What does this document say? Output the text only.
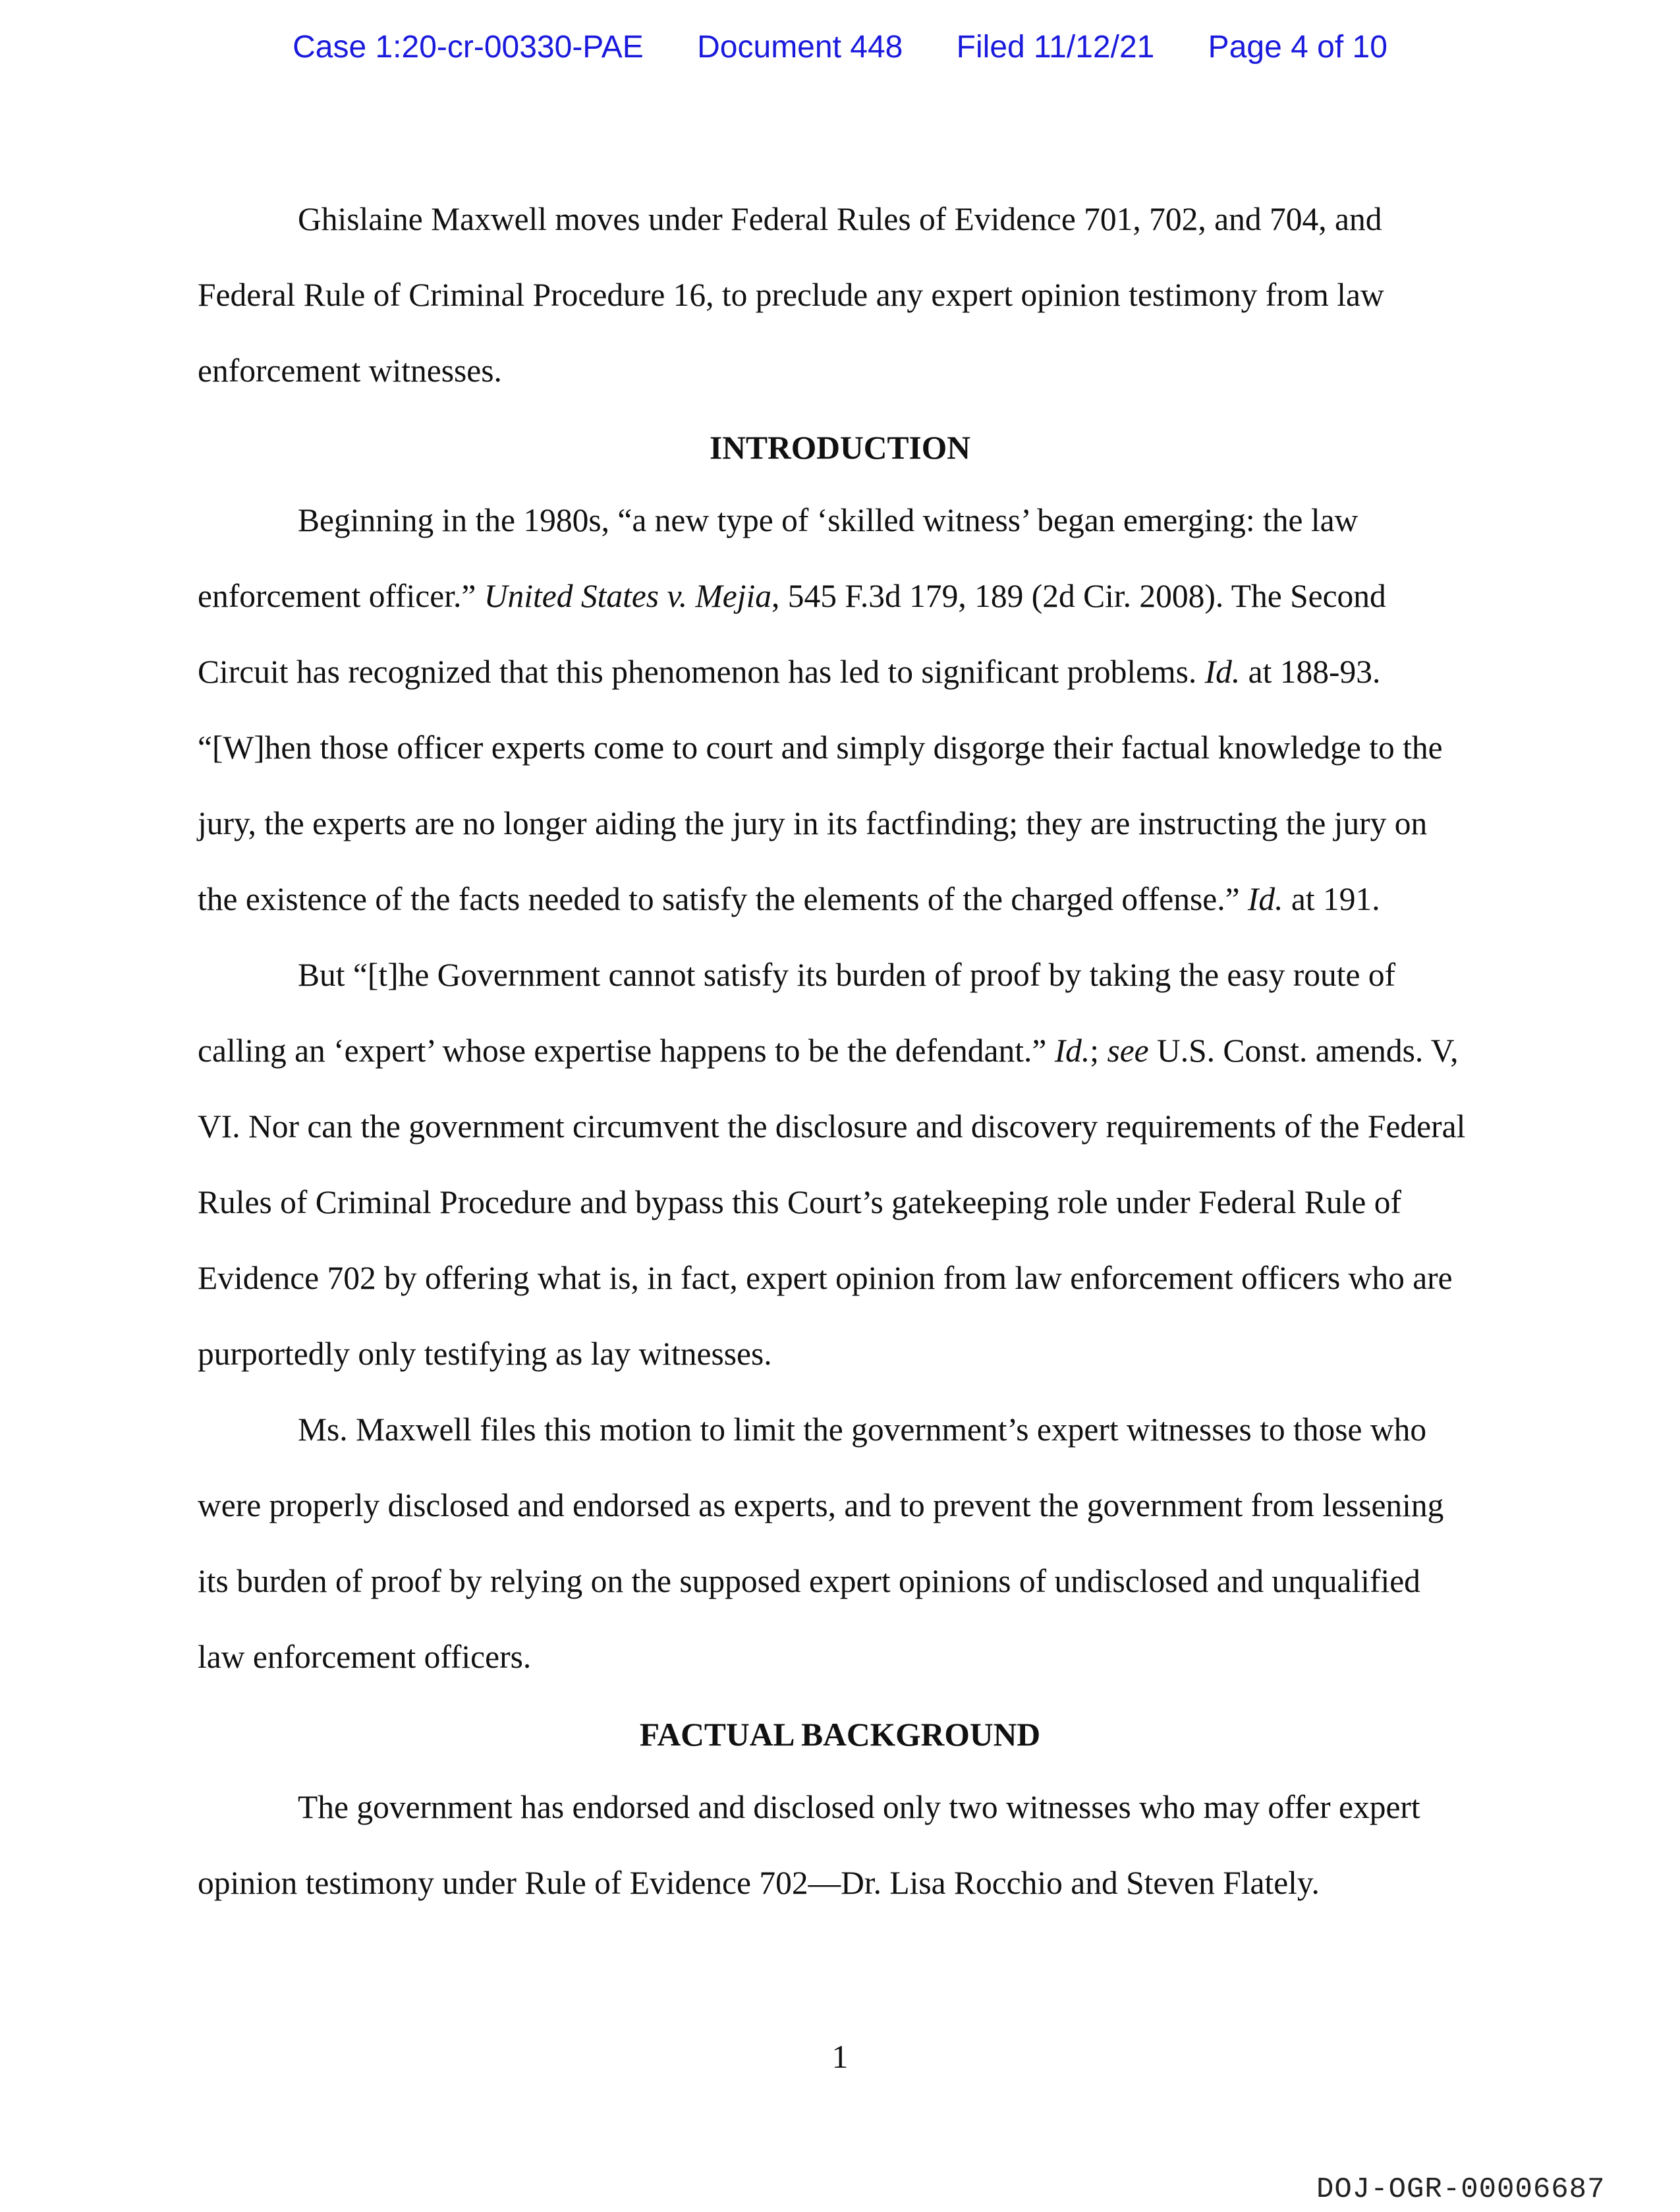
Case 1:20-cr-00330-PAE Document 448 Filed 11/12/21 Page 4 of 10

Ghislaine Maxwell moves under Federal Rules of Evidence 701, 702, and 704, and
Federal Rule of Criminal Procedure 16, to preclude any expert opinion testimony from law
enforcement witnesses.

INTRODUCTION

Beginning in the 1980s, “a new type of ‘skilled witness’ began emerging: the law
enforcement officer.” United States v. Mejia, 545 F.3d 179, 189 (2d Cir. 2008). The Second
Circuit has recognized that this phenomenon has led to significant problems. Id. at 188-93.
“[W]hen those officer experts come to court and simply disgorge their factual knowledge to the
jury, the experts are no longer aiding the jury in its factfinding; they are instructing the jury on
the existence of the facts needed to satisfy the elements of the charged offense.” Id. at 191.

But “[t]he Government cannot satisfy its burden of proof by taking the easy route of
calling an ‘expert’ whose expertise happens to be the defendant.” Id.; see U.S. Const. amends. V,
VI. Nor can the government circumvent the disclosure and discovery requirements of the Federal
Rules of Criminal Procedure and bypass this Court’s gatekeeping role under Federal Rule of
Evidence 702 by offering what is, in fact, expert opinion from law enforcement officers who are
purportedly only testifying as lay witnesses.

Ms. Maxwell files this motion to limit the government’s expert witnesses to those who
were properly disclosed and endorsed as experts, and to prevent the government from lessening
its burden of proof by relying on the supposed expert opinions of undisclosed and unqualified
law enforcement officers.

FACTUAL BACKGROUND

The government has endorsed and disclosed only two witnesses who may offer expert
opinion testimony under Rule of Evidence 702—Dr. Lisa Rocchio and Steven Flately.

1
DOJ-OGR-00006687
